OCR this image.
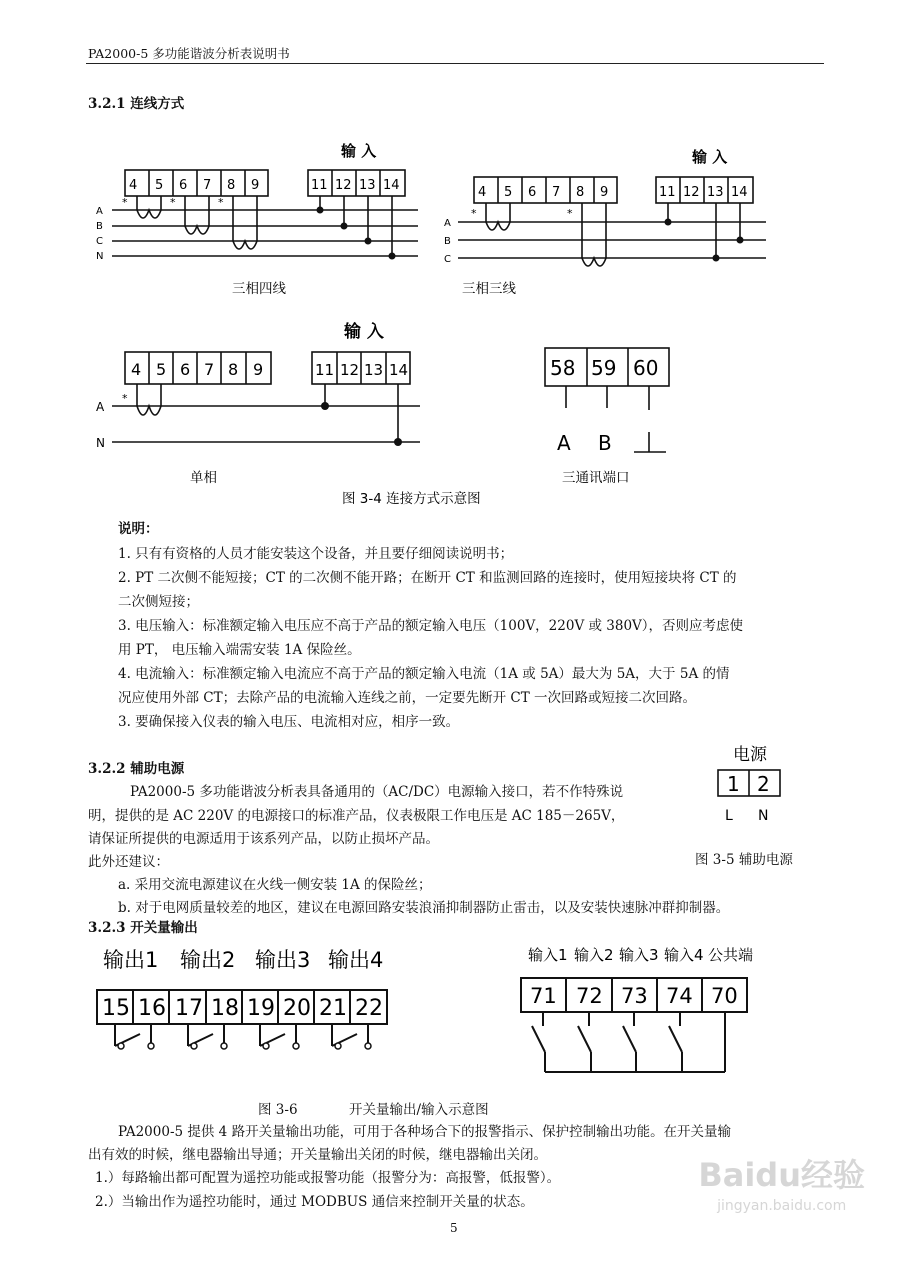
PA2000-5 多功能谐波分析表说明书
3.2.1 连线方式
输 入	输 入
输 入
4 5 6 7 8 9	11 12 13 14
A
B
C
N
*	*	*
三相四线
4 5 6 7 8 9	11 12 13 14
A
B
C
*	*
三相三线
4 5 6 7 8 9	11 12 13 14
A
N
*
单相
58 59 60
A B
三通讯端口
图 3-4 连接方式示意图
说明：
1. 只有有资格的人员才能安装这个设备，并且要仔细阅读说明书；
2. PT 二次侧不能短接；CT 的二次侧不能开路；在断开 CT 和监测回路的连接时，使用短接块将 CT 的
二次侧短接；
3. 电压输入：标准额定输入电压应不高于产品的额定输入电压（100V，220V 或 380V），否则应考虑使
用 PT， 电压输入端需安装 1A 保险丝。
4. 电流输入：标准额定输入电流应不高于产品的额定输入电流（1A 或 5A）最大为 5A，大于 5A 的情
况应使用外部 CT；去除产品的电流输入连线之前，一定要先断开 CT 一次回路或短接二次回路。
3. 要确保接入仪表的输入电压、电流相对应，相序一致。
3.2.2 辅助电源
PA2000-5 多功能谐波分析表具备通用的（AC/DC）电源输入接口，若不作特殊说
明，提供的是 AC 220V 的电源接口的标准产品，仪表极限工作电压是 AC 185－265V，
请保证所提供的电源适用于该系列产品，以防止损坏产品。
此外还建议：
a. 采用交流电源建议在火线一侧安装 1A 的保险丝；
b. 对于电网质量较差的地区，建议在电源回路安装浪涌抑制器防止雷击，以及安装快速脉冲群抑制器。
电源
1 2
L N
图 3-5 辅助电源
3.2.3 开关量输出
输出1 输出2 输出3 输出4
15 16 17 18 19 20 21 22
输入1 输入2 输入3 输入4 公共端
71 72 73 74 70
图 3-6            开关量输出/输入示意图
PA2000-5 提供 4 路开关量输出功能，可用于各种场合下的报警指示、保护控制输出功能。在开关量输
出有效的时候，继电器输出导通；开关量输出关闭的时候，继电器输出关闭。
1.）每路输出都可配置为遥控功能或报警功能（报警分为：高报警，低报警）。
2.）当输出作为遥控功能时，通过 MODBUS 通信来控制开关量的状态。
5
Baidu经验
jingyan.baidu.com
